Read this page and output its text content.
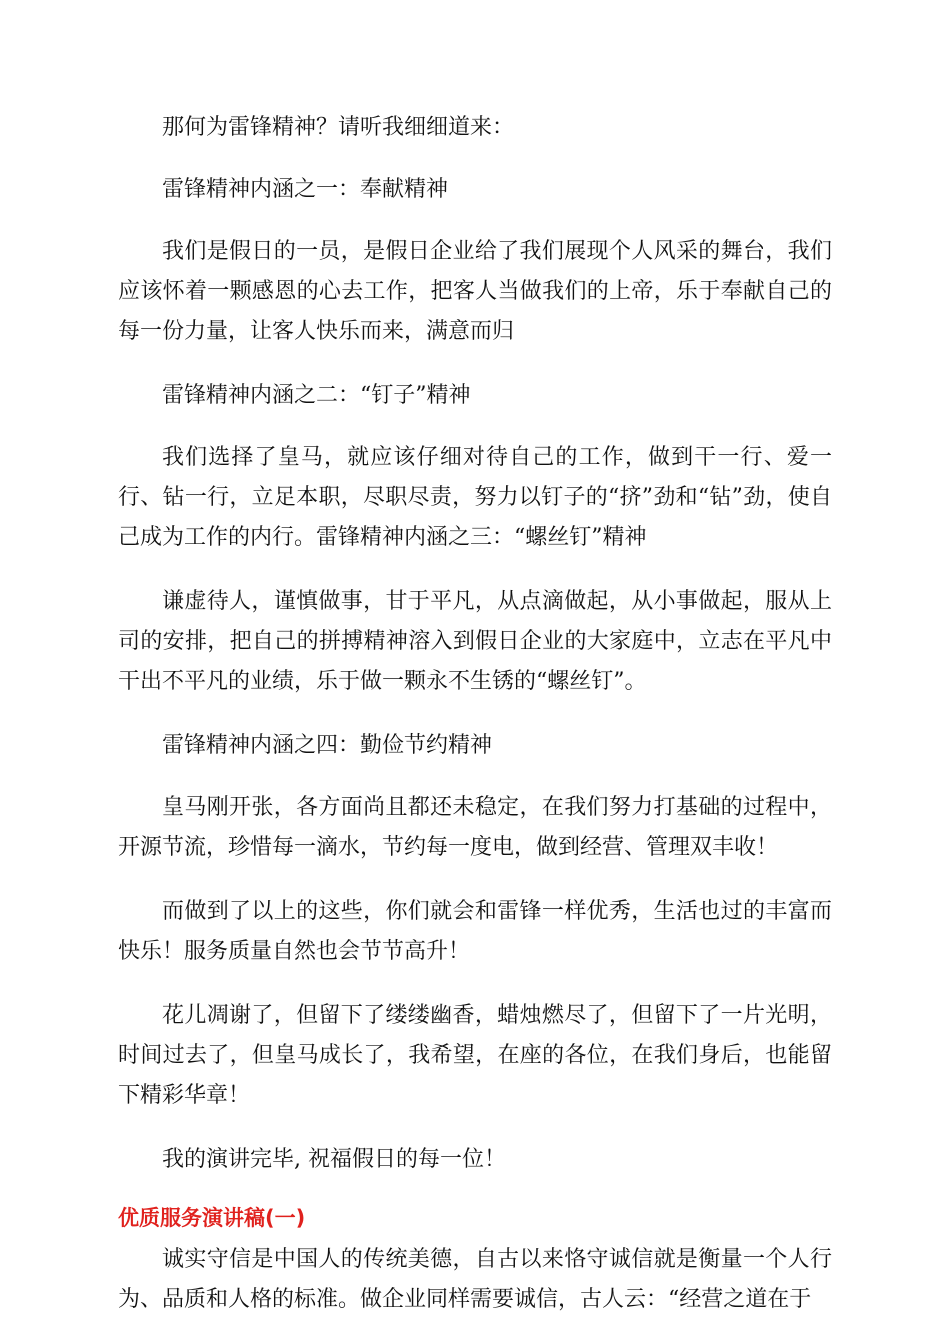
那何为雷锋精神？请听我细细道来：

雷锋精神内涵之一：奉献精神

我们是假日的一员，是假日企业给了我们展现个人风采的舞台，我们应该怀着一颗感恩的心去工作，把客人当做我们的上帝，乐于奉献自己的每一份力量，让客人快乐而来，满意而归

雷锋精神内涵之二：“钉子”精神

我们选择了皇马，就应该仔细对待自己的工作，做到干一行、爱一行、钻一行，立足本职，尽职尽责，努力以钉子的“挤”劲和“钻”劲，使自己成为工作的内行。雷锋精神内涵之三：“螺丝钉”精神

谦虚待人，谨慎做事，甘于平凡，从点滴做起，从小事做起，服从上司的安排，把自己的拼搏精神溶入到假日企业的大家庭中，立志在平凡中干出不平凡的业绩，乐于做一颗永不生锈的“螺丝钉”。

雷锋精神内涵之四：勤俭节约精神

皇马刚开张，各方面尚且都还未稳定，在我们努力打基础的过程中，开源节流，珍惜每一滴水，节约每一度电，做到经营、管理双丰收！

而做到了以上的这些，你们就会和雷锋一样优秀，生活也过的丰富而快乐！服务质量自然也会节节高升！

花儿凋谢了，但留下了缕缕幽香，蜡烛燃尽了，但留下了一片光明，时间过去了，但皇马成长了，我希望，在座的各位，在我们身后，也能留下精彩华章！

我的演讲完毕, 祝福假日的每一位！

优质服务演讲稿(一)

诚实守信是中国人的传统美德，自古以来恪守诚信就是衡量一个人行为、品质和人格的标准。做企业同样需要诚信，古人云：“经营之道在于
